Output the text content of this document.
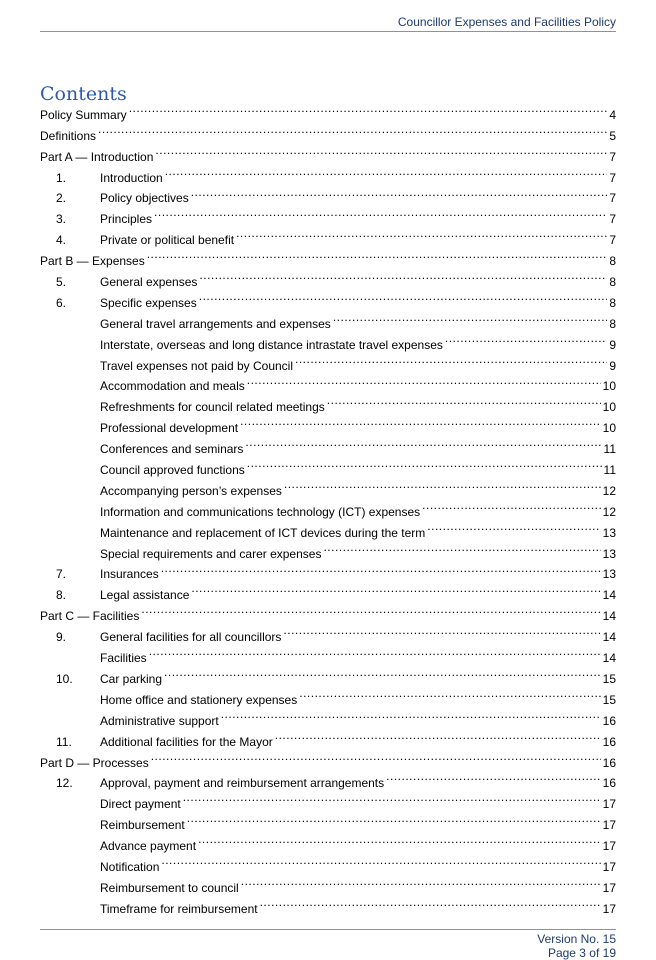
Councillor Expenses and Facilities Policy
Contents
Policy Summary .....	4
Definitions .....	5
Part A — Introduction .....	7
1.	Introduction .....	7
2.	Policy objectives .....	7
3.	Principles .....	7
4.	Private or political benefit .....	7
Part B — Expenses .....	8
5.	General expenses .....	8
6.	Specific expenses .....	8
General travel arrangements and expenses .....	8
Interstate, overseas and long distance intrastate travel expenses .....	9
Travel expenses not paid by Council .....	9
Accommodation and meals .....	10
Refreshments for council related meetings .....	10
Professional development .....	10
Conferences and seminars .....	11
Council approved functions .....	11
Accompanying person’s expenses .....	12
Information and communications technology (ICT) expenses .....	12
Maintenance and replacement of ICT devices during the term .....	13
Special requirements and carer expenses .....	13
7.	Insurances .....	13
8.	Legal assistance .....	14
Part C — Facilities .....	14
9.	General facilities for all councillors .....	14
Facilities .....	14
10.	Car parking .....	15
Home office and stationery expenses .....	15
Administrative support .....	16
11.	Additional facilities for the Mayor .....	16
Part D — Processes .....	16
12.	Approval, payment and reimbursement arrangements .....	16
Direct payment .....	17
Reimbursement .....	17
Advance payment .....	17
Notification .....	17
Reimbursement to council .....	17
Timeframe for reimbursement .....	17
Version No. 15
Page 3 of 19
